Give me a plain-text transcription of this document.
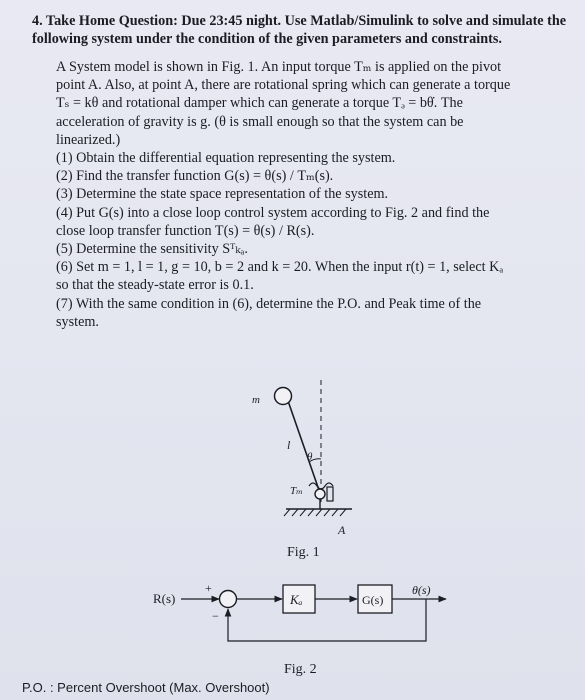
4. Take Home Question: Due 23:45 night. Use Matlab/Simulink to solve and simulate the
following system under the condition of the given parameters and constraints.
A System model is shown in Fig. 1. An input torque Tₘ is applied on the pivot
point A. Also, at point A, there are rotational spring which can generate a torque
Tₛ = kθ and rotational damper which can generate a torque Tₔ = bθ̇. The
acceleration of gravity is g. (θ is small enough so that the system can be
linearized.)
(1) Obtain the differential equation representing the system.
(2) Find the transfer function G(s) = θ(s) / Tₘ(s).
(3) Determine the state space representation of the system.
(4) Put G(s) into a close loop control system according to Fig. 2 and find the
close loop transfer function T(s) = θ(s) / R(s).
(5) Determine the sensitivity Sᵀₖₐ.
(6) Set m = 1, l = 1, g = 10, b = 2 and k = 20. When the input r(t) = 1, select Kₐ
so that the steady-state error is 0.1.
(7) With the same condition in (6), determine the P.O. and Peak time of the
system.
m
l
θ
Tₘ
A
Fig. 1
R(s)
+
−
Kₐ	G(s)
θ(s)
Fig. 2
P.O. : Percent Overshoot (Max. Overshoot)
